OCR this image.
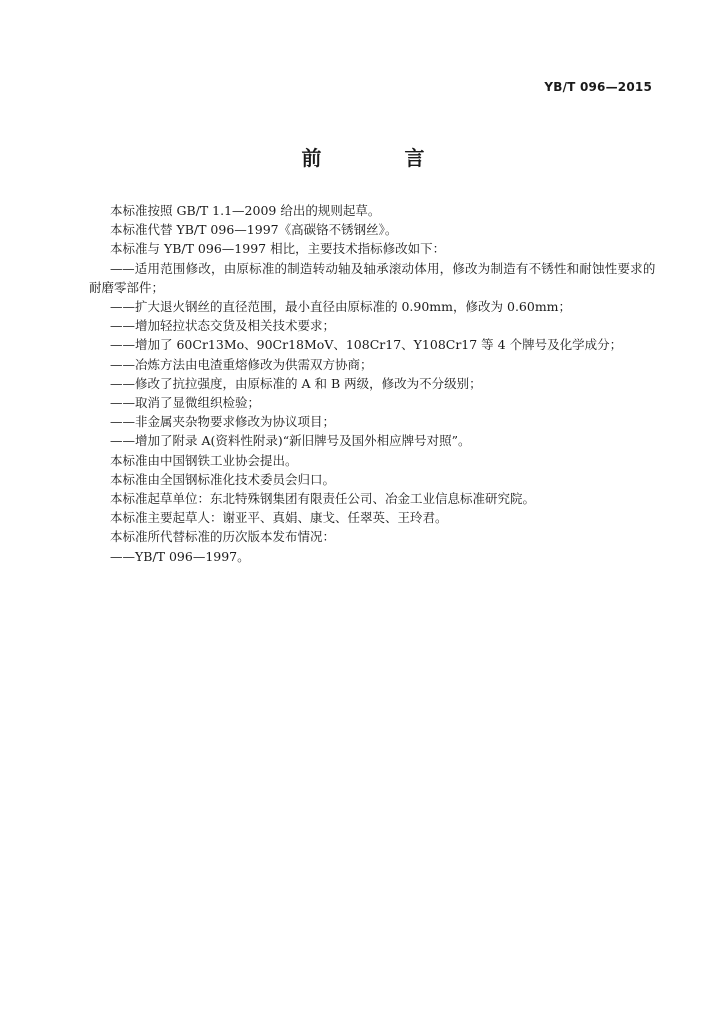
YB/T 096—2015
前 言

本标准按照 GB/T 1.1—2009 给出的规则起草。

本标准代替 YB/T 096—1997《高碳铬不锈钢丝》。

本标准与 YB/T 096—1997 相比，主要技术指标修改如下：

——适用范围修改，由原标准的制造转动轴及轴承滚动体用，修改为制造有不锈性和耐蚀性要求的
耐磨零部件；

——扩大退火钢丝的直径范围，最小直径由原标准的 0.90mm，修改为 0.60mm；

——增加轻拉状态交货及相关技术要求；

——增加了 60Cr13Mo、90Cr18MoV、108Cr17、Y108Cr17 等 4 个牌号及化学成分；

——冶炼方法由电渣重熔修改为供需双方协商；

——修改了抗拉强度，由原标准的 A 和 B 两级，修改为不分级别；

——取消了显微组织检验；

——非金属夹杂物要求修改为协议项目；

——增加了附录 A(资料性附录)“新旧牌号及国外相应牌号对照”。

本标准由中国钢铁工业协会提出。

本标准由全国钢标准化技术委员会归口。

本标准起草单位：东北特殊钢集团有限责任公司、冶金工业信息标准研究院。

本标准主要起草人：谢亚平、真娟、康戈、任翠英、王玲君。

本标准所代替标准的历次版本发布情况：

——YB/T 096—1997。
